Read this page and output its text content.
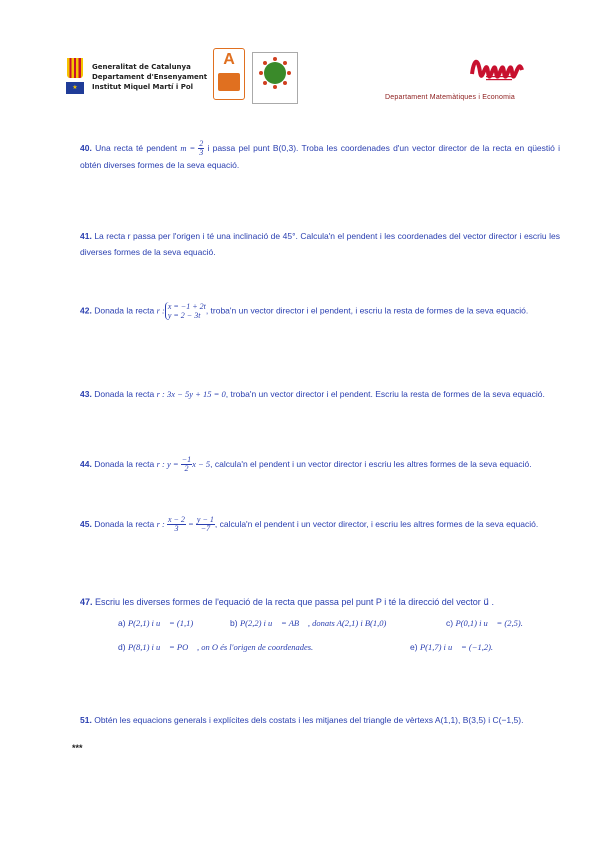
★
Generalitat de Catalunya
Departament d'Ensenyament
Institut Miquel Martí i Pol
A
Departament Matemàtiques i Economia
40. Una recta té pendent $m = \frac{2}{3}$ i passa pel punt B(0,3). Troba les coordenades d'un vector director de la recta en qüestió i obtén diverses formes de la seva equació.
41. La recta r passa per l'origen i té una inclinació de 45°. Calcula'n el pendent i les coordenades del vector director i escriu les diverses formes de la seva equació.
42. Donada la recta r : x = −1 + 2t
y = 2 − 3t
, troba'n un vector director i el pendent, i escriu la resta de formes de la seva equació.
43. Donada la recta r : 3x − 5y + 15 = 0, troba'n un vector director i el pendent. Escriu la resta de formes de la seva equació.
44. Donada la recta r : $y = \frac{-1}{2}$ x − 5, calcula'n el pendent i un vector director i escriu les altres formes de la seva equació.
45. Donada la recta r : $\frac{x - 2}{3} = \frac{y - 1}{-7}$ , calcula'n el pendent i un vector director, i escriu les altres formes de la seva equació.
47. Escriu les diverses formes de l'equació de la recta que passa pel punt P i té la direcció del vector u⃗ .
a) P(2,1) i u⃗ = (1,1)	b) P(2,2) i u⃗ = AB⃗ , donats A(2,1) i B(1,0)	c) P(0,1) i u⃗ = (2,5).
d) P(8,1) i u⃗ = PO⃗ , on O és l'origen de coordenades.	e) P(1,7) i u⃗ = (−1,2).
51. Obtén les equacions generals i explícites dels costats i les mitjanes del triangle de vèrtexs A(1,1), B(3,5) i C(−1,5).
***
